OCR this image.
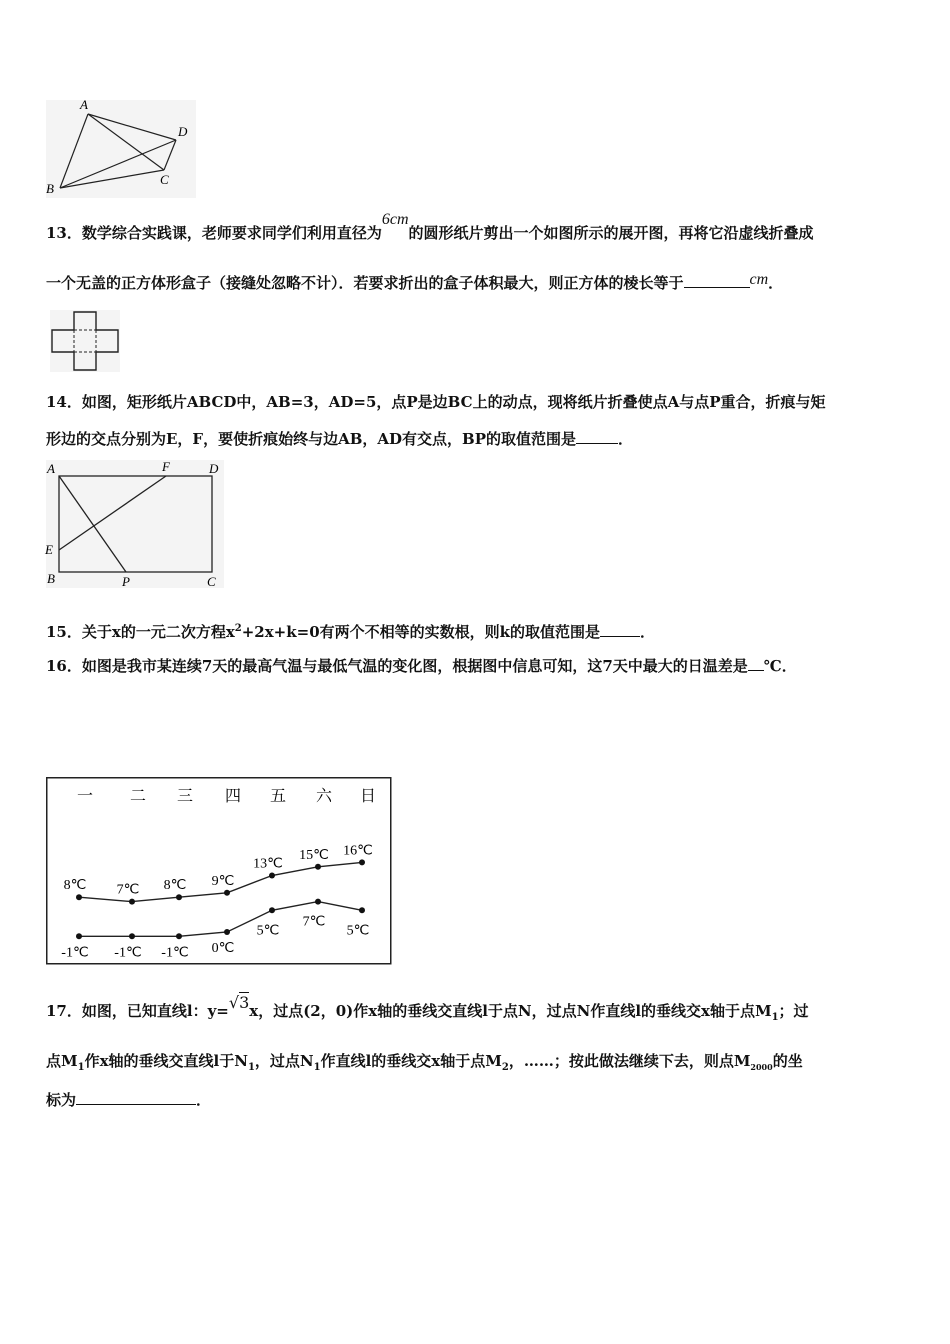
A
D
C
B
13．数学综合实践课，老师要求同学们利用直径为6cm的圆形纸片剪出一个如图所示的展开图，再将它沿虚线折叠成
一个无盖的正方体形盒子（接缝处忽略不计）．若要求折出的盒子体积最大，则正方体的棱长等于	cm．
14．如图，矩形纸片ABCD中，AB=3，AD=5，点P是边BC上的动点，现将纸片折叠使点A与点P重合，折痕与矩
形边的交点分别为E，F，要使折痕始终与边AB，AD有交点，BP的取值范围是	．
A	F	D
E
B	P	C
15．关于x的一元二次方程$x^2+2x+k=0$有两个不相等的实数根，则k的取值范围是	．
16．如图是我市某连续7天的最高气温与最低气温的变化图，根据图中信息可知，这7天中最大的日温差是 ℃．
一 二 三 四 五 六 日
8℃ 7℃ 8℃ 9℃
13℃
15℃ 16℃
-1℃ -1℃ -1℃ 0℃
5℃
7℃
5℃
17．如图，已知直线l：y=√3x，过点(2，0)作x轴的垂线交直线l于点N，过点N作直线l的垂线交x轴于点$M_1$；过
点$M_1$作x轴的垂线交直线l于$N_1$，过点$N_1$作直线l的垂线交x轴于点$M_2$，……；按此做法继续下去，则点$M_{2000}$的坐
标为	．
